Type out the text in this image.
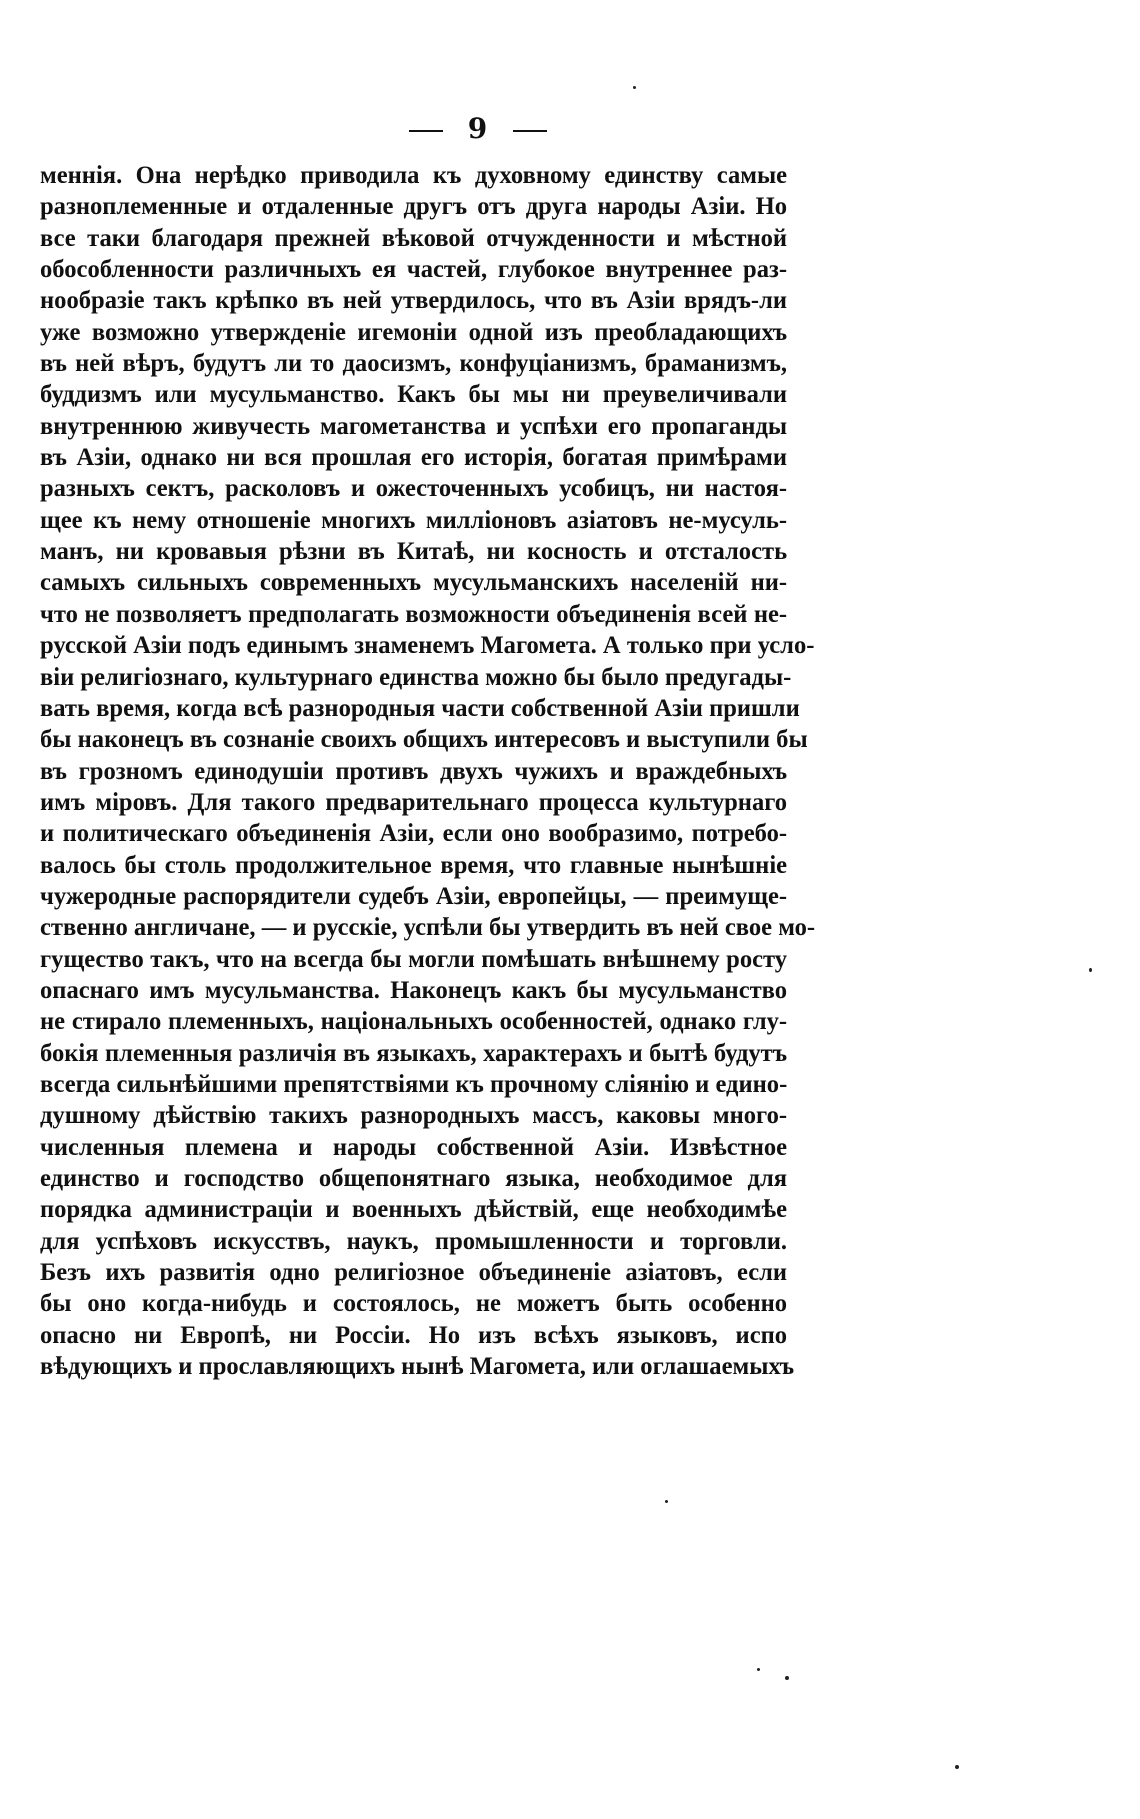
9
меннія. Она нерѣдко приводила къ духовному единству самые
разноплеменные и отдаленные другъ отъ друга народы Азіи. Но
все таки благодаря прежней вѣковой отчужденности и мѣстной
обособленности различныхъ ея частей, глубокое внутреннее раз-
нообразіе такъ крѣпко въ ней утвердилось, что въ Азіи врядъ-ли
уже возможно утвержденіе игемоніи одной изъ преобладающихъ
въ ней вѣръ, будутъ ли то даосизмъ, конфуціанизмъ, браманизмъ,
буддизмъ или мусульманство. Какъ бы мы ни преувеличивали
внутреннюю живучесть магометанства и успѣхи его пропаганды
въ Азіи, однако ни вся прошлая его исторія, богатая примѣрами
разныхъ сектъ, расколовъ и ожесточенныхъ усобицъ, ни настоя-
щее къ нему отношеніе многихъ милліоновъ азіатовъ не-мусуль-
манъ, ни кровавыя рѣзни въ Китаѣ, ни косность и отсталость
самыхъ сильныхъ современныхъ мусульманскихъ населеній ни-
что не позволяетъ предполагать возможности объединенія всей не-
русской Азіи подъ единымъ знаменемъ Магомета. А только при усло-
віи религіознаго, культурнаго единства можно бы было предугады-
вать время, когда всѣ разнородныя части собственной Азіи пришли
бы наконецъ въ сознаніе своихъ общихъ интересовъ и выступили бы
въ грозномъ единодушіи противъ двухъ чужихъ и враждебныхъ
имъ міровъ. Для такого предварительнаго процесса культурнаго
и политическаго объединенія Азіи, если оно вообразимо, потребо-
валось бы столь продолжительное время, что главные нынѣшніе
чужеродные распорядители судебъ Азіи, европейцы, — преимуще-
ственно англичане, — и русскіе, успѣли бы утвердить въ ней свое мо-
гущество такъ, что на всегда бы могли помѣшать внѣшнему росту
опаснаго имъ мусульманства. Наконецъ какъ бы мусульманство
не стирало племенныхъ, національныхъ особенностей, однако глу-
бокія племенныя различія въ языкахъ, характерахъ и бытѣ будутъ
всегда сильнѣйшими препятствіями къ прочному сліянію и едино-
душному дѣйствію такихъ разнородныхъ массъ, каковы много-
численныя племена и народы собственной Азіи. Извѣстное
единство и господство общепонятнаго языка, необходимое для
порядка администраціи и военныхъ дѣйствій, еще необходимѣе
для успѣховъ искусствъ, наукъ, промышленности и торговли.
Безъ ихъ развитія одно религіозное объединеніе азіатовъ, если
бы оно когда-нибудь и состоялось, не можетъ быть особенно
опасно ни Европѣ, ни Россіи. Но изъ всѣхъ языковъ, испо
вѣдующихъ и прославляющихъ нынѣ Магомета, или оглашаемыхъ
